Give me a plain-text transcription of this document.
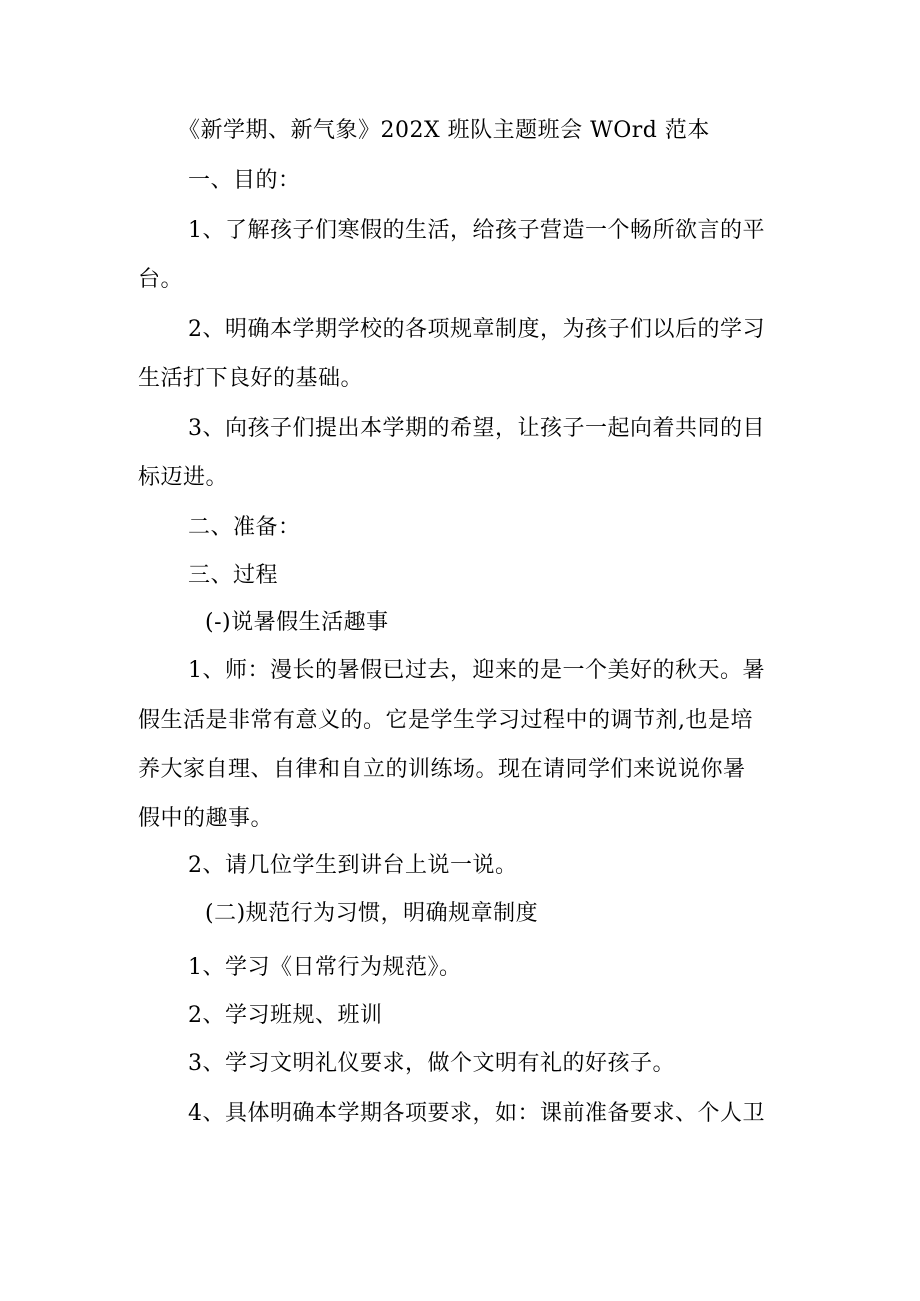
《新学期、新气象》202X 班队主题班会 WOrd 范本
一、目的：
1、了解孩子们寒假的生活，给孩子营造一个畅所欲言的平
台。
2、明确本学期学校的各项规章制度，为孩子们以后的学习
生活打下良好的基础。
3、向孩子们提出本学期的希望，让孩子一起向着共同的目
标迈进。
二、准备：
三、过程
(-)说暑假生活趣事
1、师：漫长的暑假已过去，迎来的是一个美好的秋天。暑
假生活是非常有意义的。它是学生学习过程中的调节剂,也是培
养大家自理、自律和自立的训练场。现在请同学们来说说你暑
假中的趣事。
2、请几位学生到讲台上说一说。
(二)规范行为习惯，明确规章制度
1、学习《日常行为规范》。
2、学习班规、班训
3、学习文明礼仪要求，做个文明有礼的好孩子。
4、具体明确本学期各项要求，如：课前准备要求、个人卫
